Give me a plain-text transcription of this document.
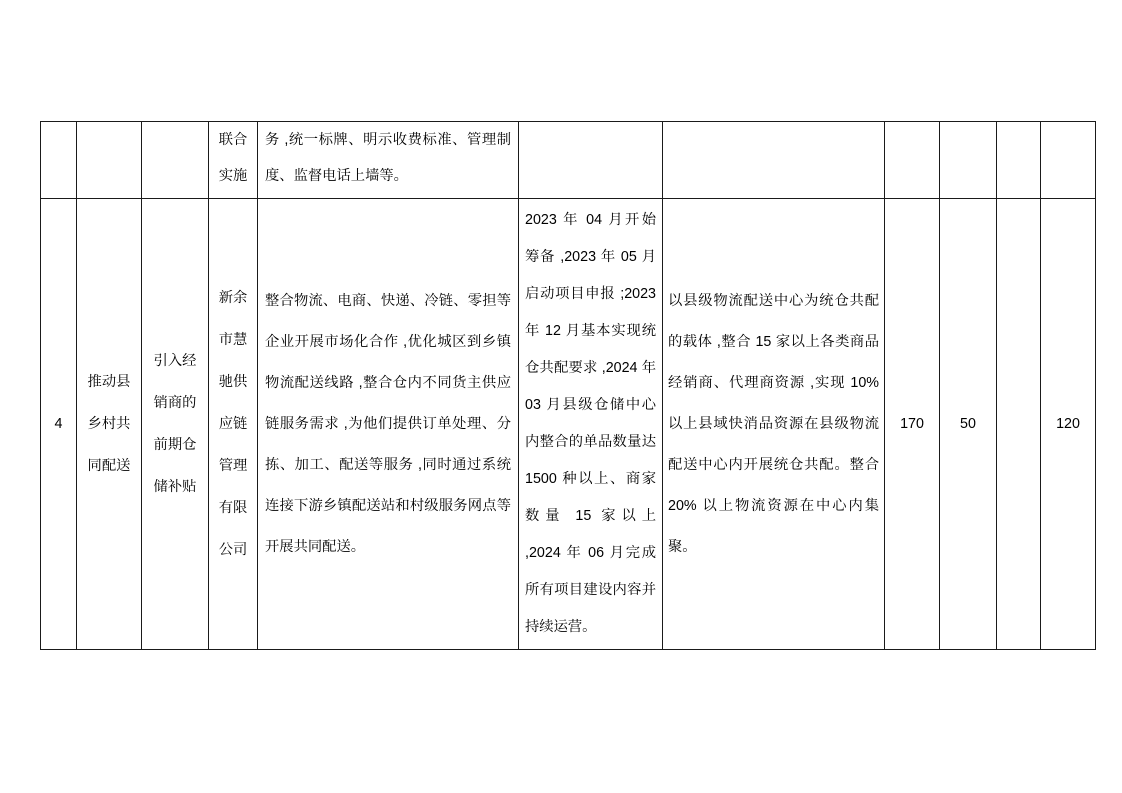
			联合实施	务 ,统一标牌、明示收费标准、管理制度、监督电话上墙等。						
4	推动县乡村共同配送	引入经销商的前期仓储补贴	新余市慧驰供应链管理有限公司	整合物流、电商、快递、冷链、零担等企业开展市场化合作 ,优化城区到乡镇物流配送线路 ,整合仓内不同货主供应链服务需求 ,为他们提供订单处理、分拣、加工、配送等服务 ,同时通过系统连接下游乡镇配送站和村级服务网点等开展共同配送。	2023 年 04 月开始筹备 ,2023 年 05 月启动项目申报 ;2023 年 12 月基本实现统仓共配要求 ,2024 年 03 月县级仓储中心内整合的单品数量达 1500 种以上、商家数量 15 家以上 ,2024 年 06 月完成所有项目建设内容并持续运营。	以县级物流配送中心为统仓共配的载体 ,整合 15 家以上各类商品经销商、代理商资源 ,实现 10% 以上县域快消品资源在县级物流配送中心内开展统仓共配。整合 20% 以上物流资源在中心内集聚。	170	50		120
